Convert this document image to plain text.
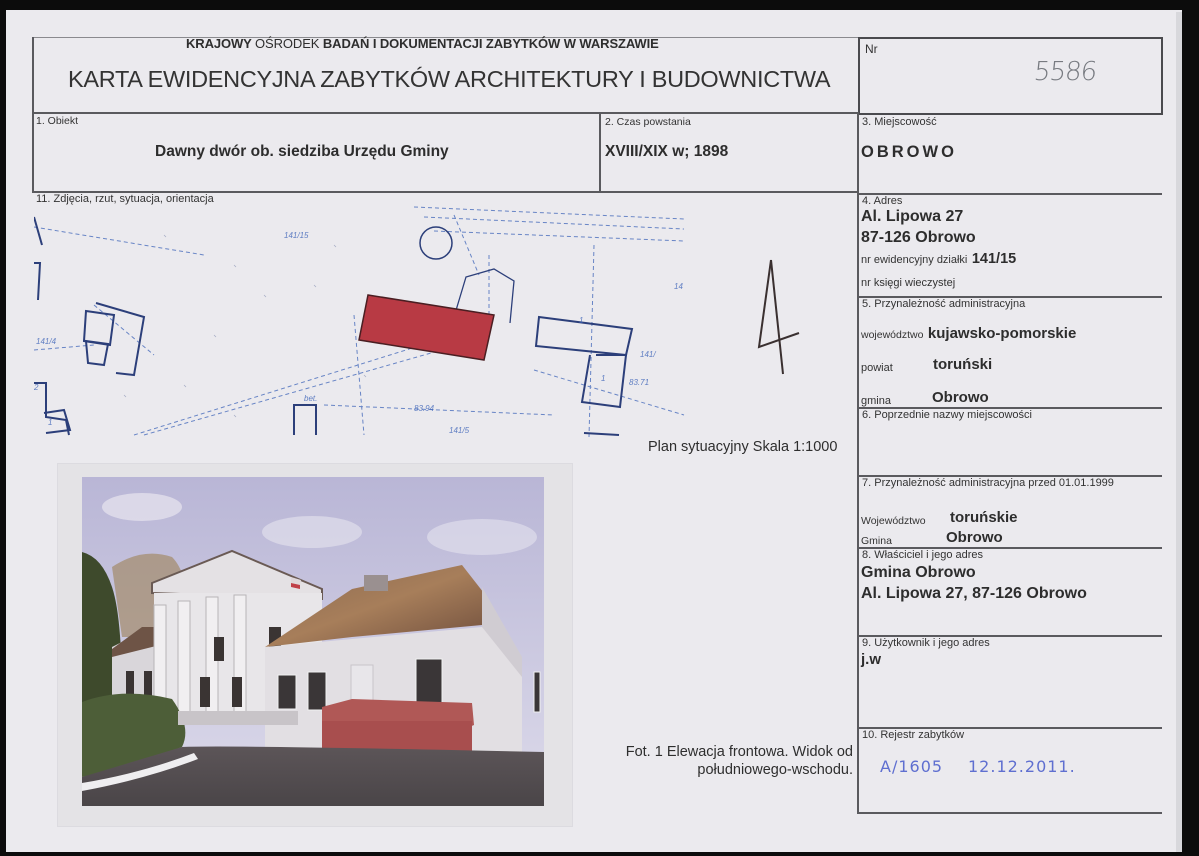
KRAJOWY OŚRODEK BADAŃ I DOKUMENTACJI ZABYTKÓW W WARSZAWIE
KARTA EWIDENCYJNA ZABYTKÓW ARCHITEKTURY I BUDOWNICTWA
Nr
5586
1. Obiekt
Dawny dwór ob. siedziba Urzędu Gminy
2. Czas powstania
XVIII/XIX w; 1898
3. Miejscowość
OBROWO
4. Adres
Al. Lipowa 27
87-126 Obrowo
nr ewidencyjny działki 141/15
nr księgi wieczystej
5. Przynależność administracyjna
województwo kujawsko-pomorskie
powiat	toruński
gmina	Obrowo
6. Poprzednie nazwy miejscowości
7. Przynależność administracyjna przed 01.01.1999
Województwo toruńskie
Gmina	Obrowo
8. Właściciel i jego adres
Gmina Obrowo
Al. Lipowa 27, 87-126 Obrowo
9. Użytkownik i jego adres
j.w
10. Rejestr zabytków
A/1605 12.12.2011.
11. Zdjęcia, rzut, sytuacja, orientacja
141/15
141/4
141/
14
141/5
bet.
83.94
83.71
2
1
1
1
Plan sytuacyjny Skala 1:1000
Fot. 1 Elewacja frontowa. Widok od
południowego-wschodu.
